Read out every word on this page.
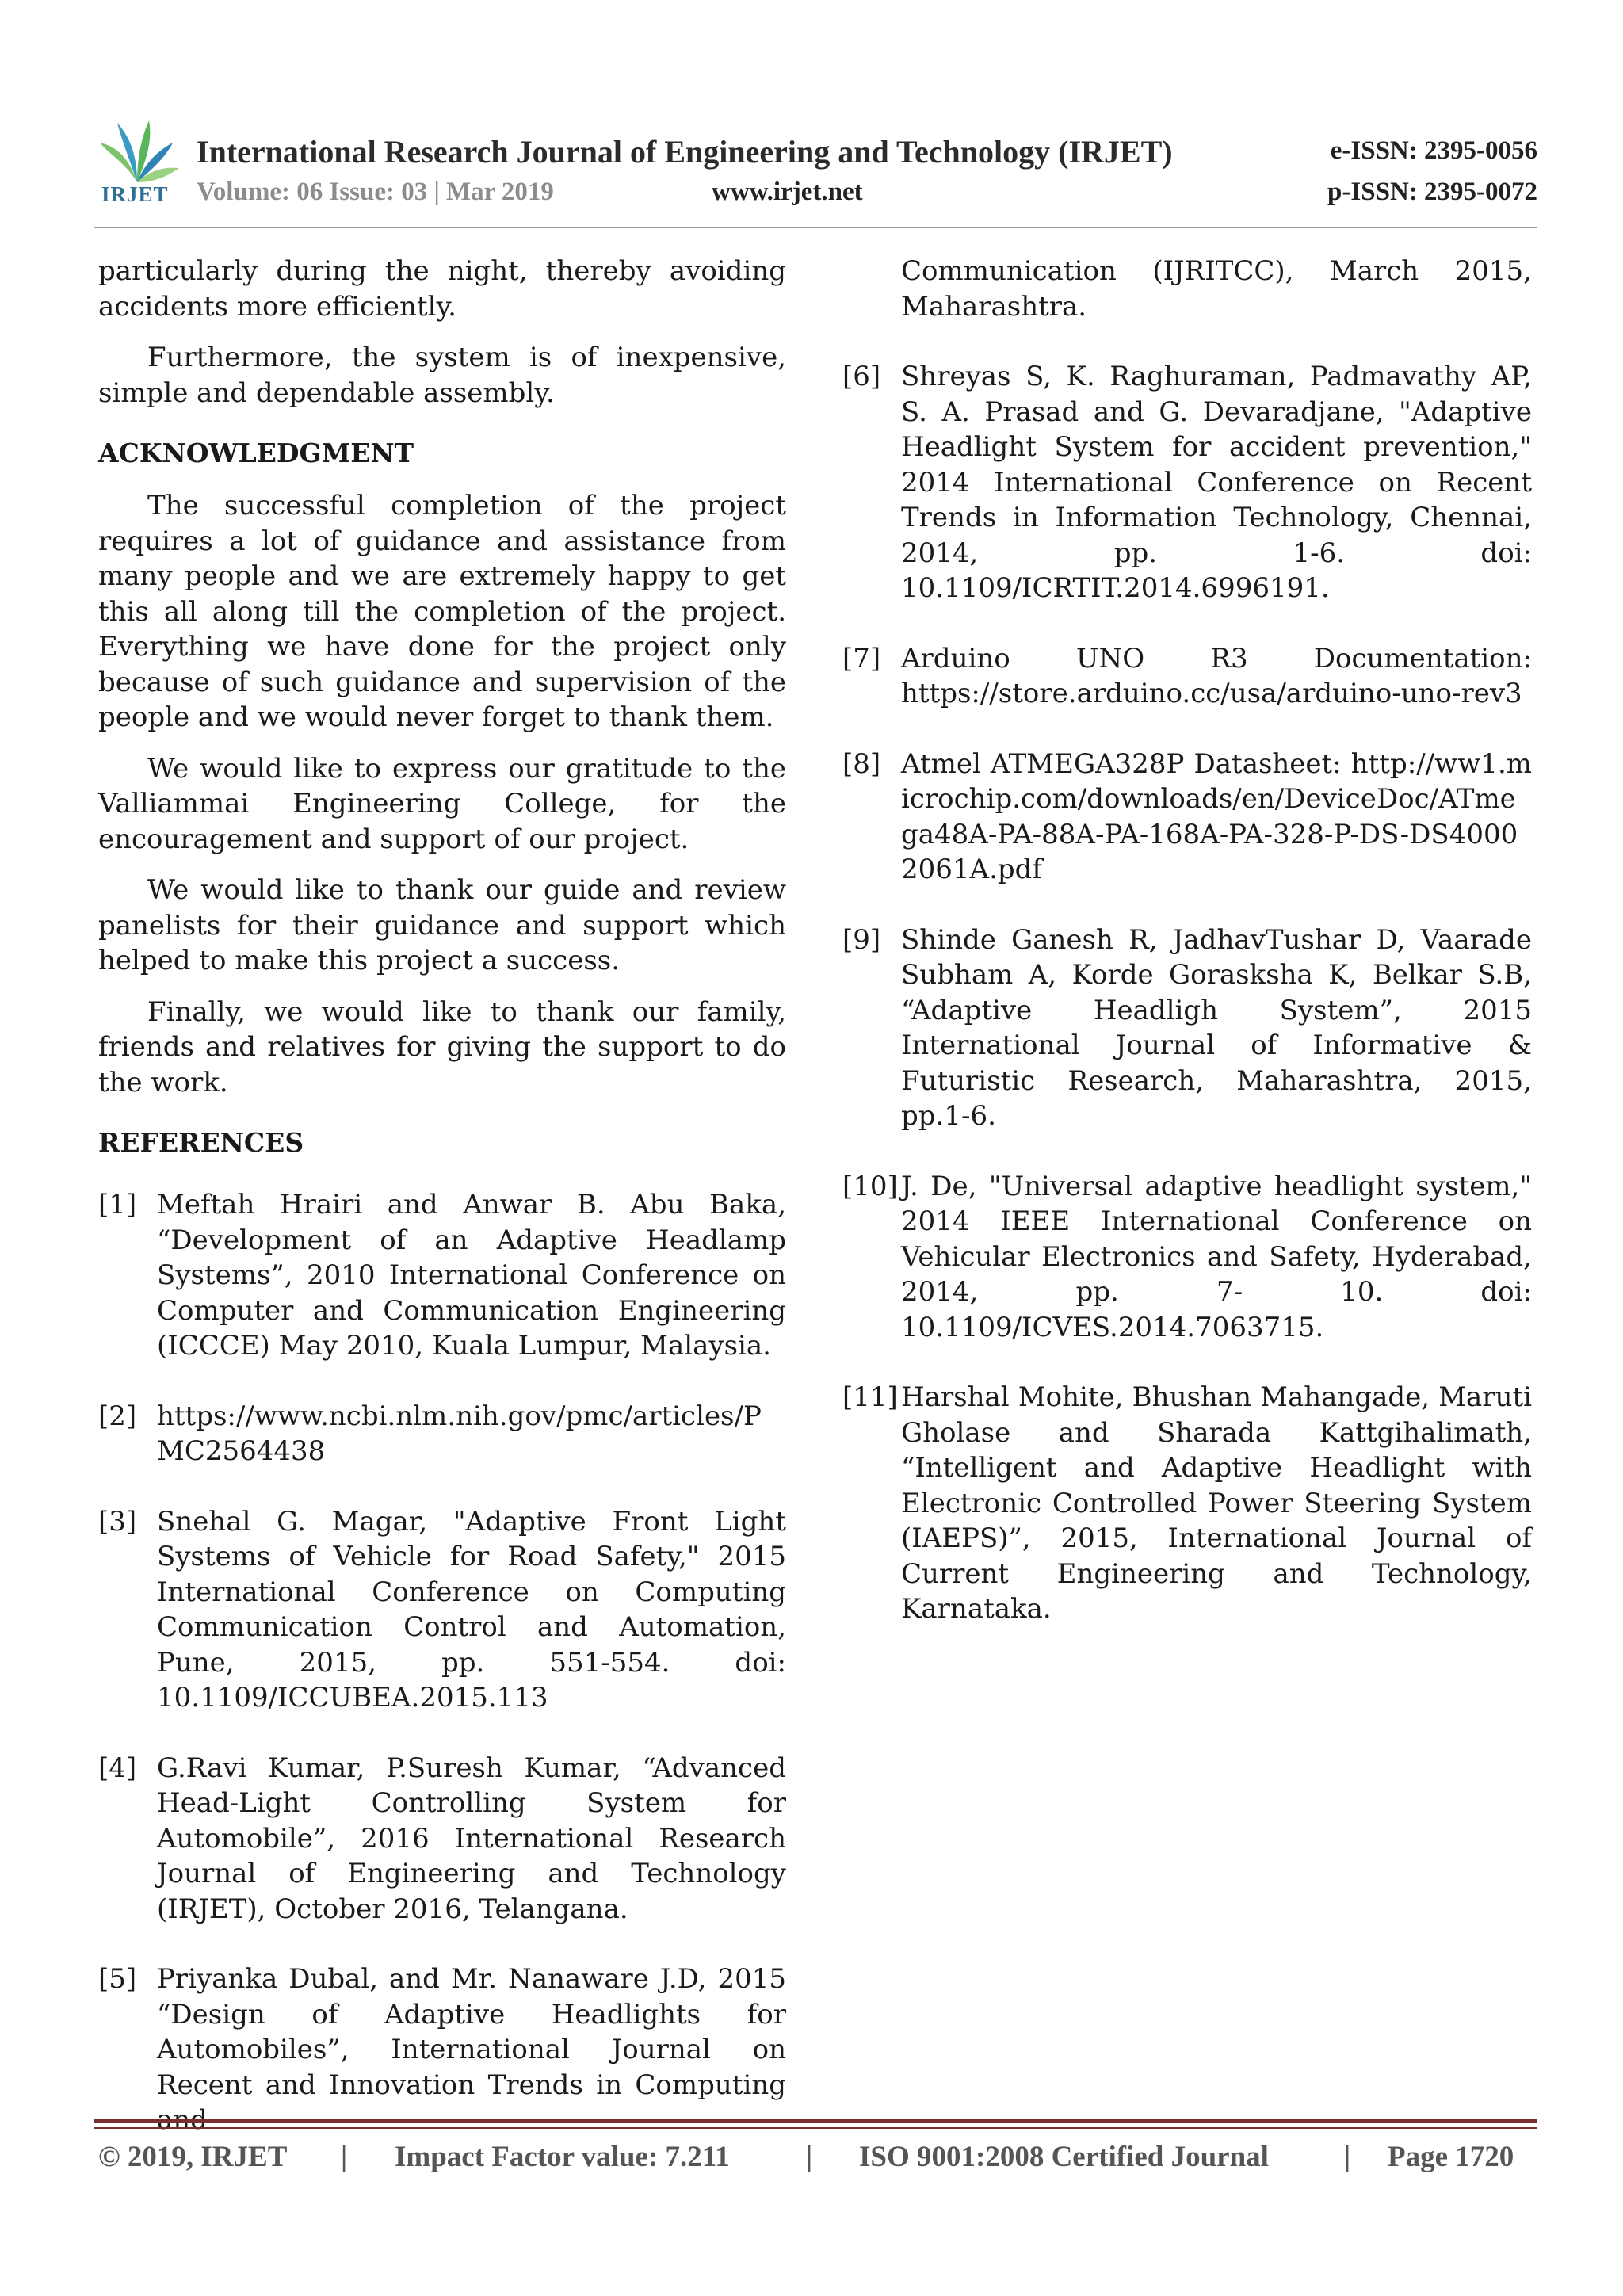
IRJET
International Research Journal of Engineering and Technology (IRJET)	e-ISSN: 2395-0056
Volume: 06 Issue: 03 | Mar 2019	www.irjet.net	p-ISSN: 2395-0072

particularly during the night, thereby avoiding accidents more efficiently.

Furthermore, the system is of inexpensive, simple and dependable assembly.

ACKNOWLEDGMENT

The successful completion of the project requires a lot of guidance and assistance from many people and we are extremely happy to get this all along till the completion of the project. Everything we have done for the project only because of such guidance and supervision of the people and we would never forget to thank them.

We would like to express our gratitude to the Valliammai Engineering College, for the encouragement and support of our project.

We would like to thank our guide and review panelists for their guidance and support which helped to make this project a success.

Finally, we would like to thank our family, friends and relatives for giving the support to do the work.

REFERENCES
[1] Meftah Hrairi and Anwar B. Abu Baka, “Development of an Adaptive Headlamp Systems”, 2010 International Conference on Computer and Communication Engineering (ICCCE) May 2010, Kuala Lumpur, Malaysia.
[2] https://www.ncbi.nlm.nih.gov/pmc/articles/PMC2564438
[3] Snehal G. Magar, "Adaptive Front Light Systems of Vehicle for Road Safety," 2015 International Conference on Computing Communication Control and Automation, Pune, 2015, pp. 551-554. doi: 10.1109/ICCUBEA.2015.113
[4] G.Ravi Kumar, P.Suresh Kumar, “Advanced Head-Light Controlling System for Automobile”, 2016 International Research Journal of Engineering and Technology (IRJET), October 2016, Telangana.
[5] Priyanka Dubal, and Mr. Nanaware J.D, 2015 “Design of Adaptive Headlights for Automobiles”, International Journal on Recent and Innovation Trends in Computing and
Communication (IJRITCC), March 2015, Maharashtra.
[6] Shreyas S, K. Raghuraman, Padmavathy AP, S. A. Prasad and G. Devaradjane, "Adaptive Headlight System for accident prevention," 2014 International Conference on Recent Trends in Information Technology, Chennai, 2014, pp. 1-6. doi: 10.1109/ICRTIT.2014.6996191.
[7] Arduino UNO R3 Documentation: https://store.arduino.cc/usa/arduino-uno-rev3
[8] Atmel ATMEGA328P Datasheet: http://ww1.microchip.com/downloads/en/DeviceDoc/ATmega48A-PA-88A-PA-168A-PA-328-P-DS-DS40002061A.pdf
[9] Shinde Ganesh R, JadhavTushar D, Vaarade Subham A, Korde Gorasksha K, Belkar S.B, “Adaptive Headligh System”, 2015 International Journal of Informative & Futuristic Research, Maharashtra, 2015, pp.1-6.
[10] J. De, "Universal adaptive headlight system," 2014 IEEE International Conference on Vehicular Electronics and Safety, Hyderabad, 2014, pp. 7- 10. doi: 10.1109/ICVES.2014.7063715.
[11] Harshal Mohite, Bhushan Mahangade, Maruti Gholase and Sharada Kattgihalimath, “Intelligent and Adaptive Headlight with Electronic Controlled Power Steering System (IAEPS)”, 2015, International Journal of Current Engineering and Technology, Karnataka.
© 2019, IRJET | Impact Factor value: 7.211	| ISO 9001:2008 Certified Journal	| Page 1720
